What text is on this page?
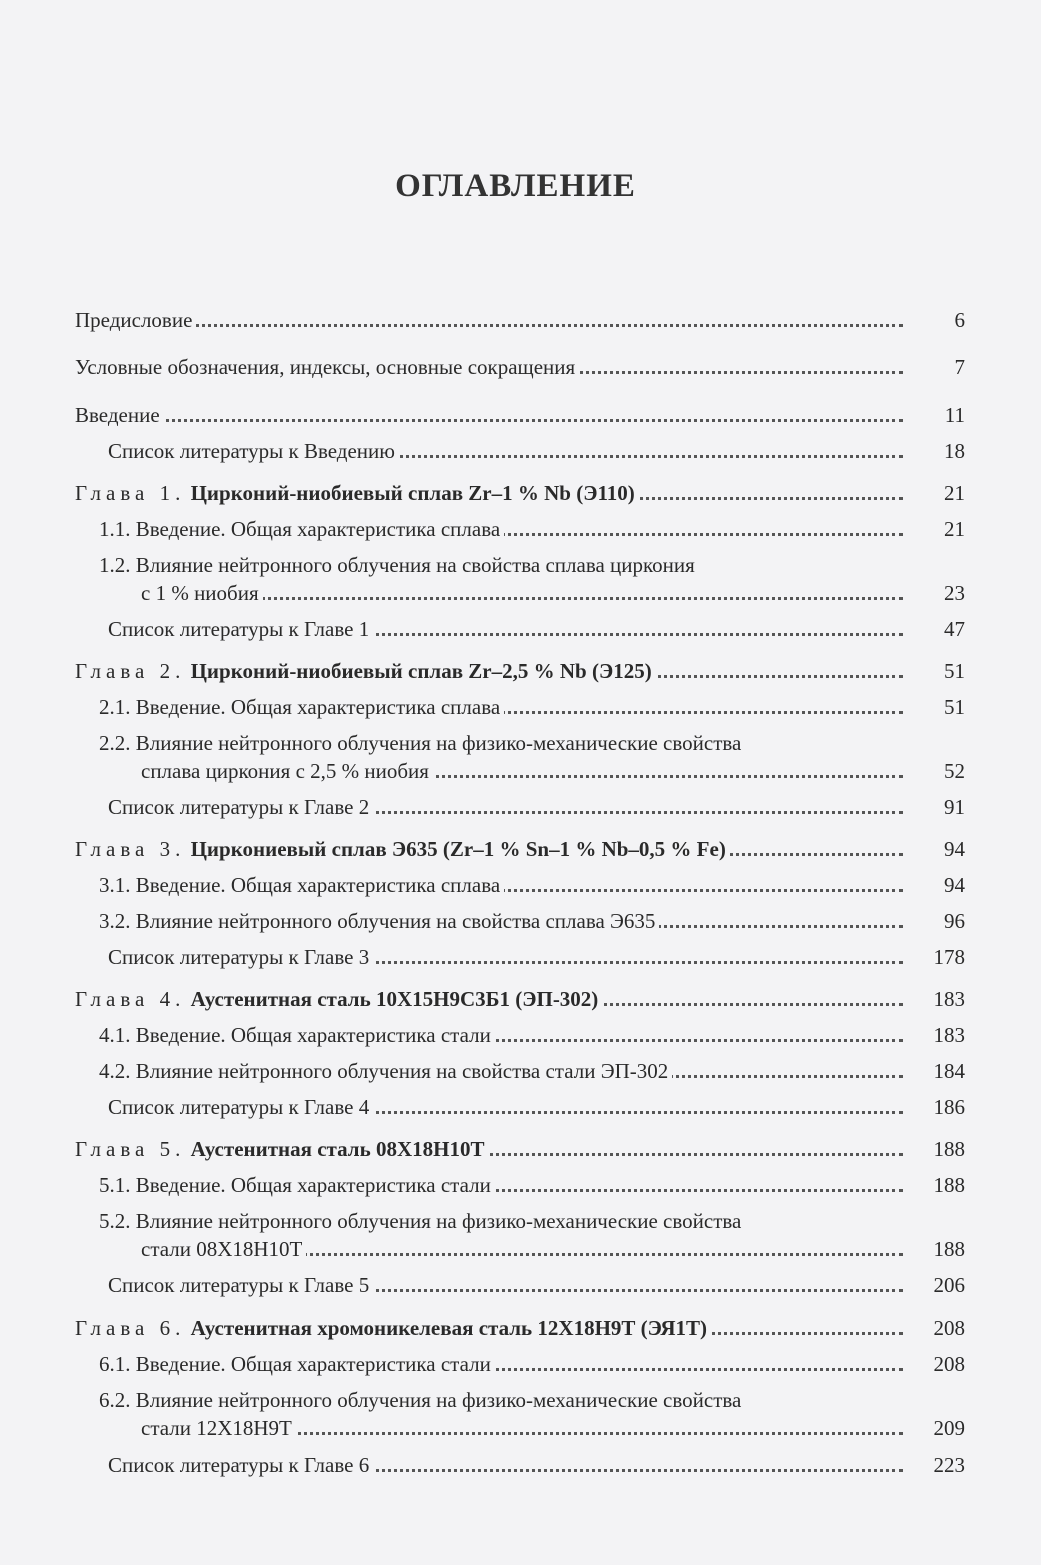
ОГЛАВЛЕНИЕ
Предисловие	6
Условные обозначения, индексы, основные сокращения	7
Введение	11
Список литературы к Введению	18
Глава 1. Цирконий-ниобиевый сплав Zr–1 % Nb (Э110)	21
1.1. Введение. Общая характеристика сплава	21
1.2. Влияние нейтронного облучения на свойства сплава циркония
с 1 % ниобия	23
Список литературы к Главе 1	47
Глава 2. Цирконий-ниобиевый сплав Zr–2,5 % Nb (Э125)	51
2.1. Введение. Общая характеристика сплава	51
2.2. Влияние нейтронного облучения на физико-механические свойства
сплава циркония с 2,5 % ниобия	52
Список литературы к Главе 2	91
Глава 3. Циркониевый сплав Э635 (Zr–1 % Sn–1 % Nb–0,5 % Fe)	94
3.1. Введение. Общая характеристика сплава	94
3.2. Влияние нейтронного облучения на свойства сплава Э635	96
Список литературы к Главе 3	178
Глава 4. Аустенитная сталь 10Х15Н9С3Б1 (ЭП-302)	183
4.1. Введение. Общая характеристика стали	183
4.2. Влияние нейтронного облучения на свойства стали ЭП-302	184
Список литературы к Главе 4	186
Глава 5. Аустенитная сталь 08Х18Н10Т	188
5.1. Введение. Общая характеристика стали	188
5.2. Влияние нейтронного облучения на физико-механические свойства
стали 08Х18Н10Т	188
Список литературы к Главе 5	206
Глава 6. Аустенитная хромоникелевая сталь 12Х18Н9Т (ЭЯ1Т)	208
6.1. Введение. Общая характеристика стали	208
6.2. Влияние нейтронного облучения на физико-механические свойства
стали 12Х18Н9Т	209
Список литературы к Главе 6	223
